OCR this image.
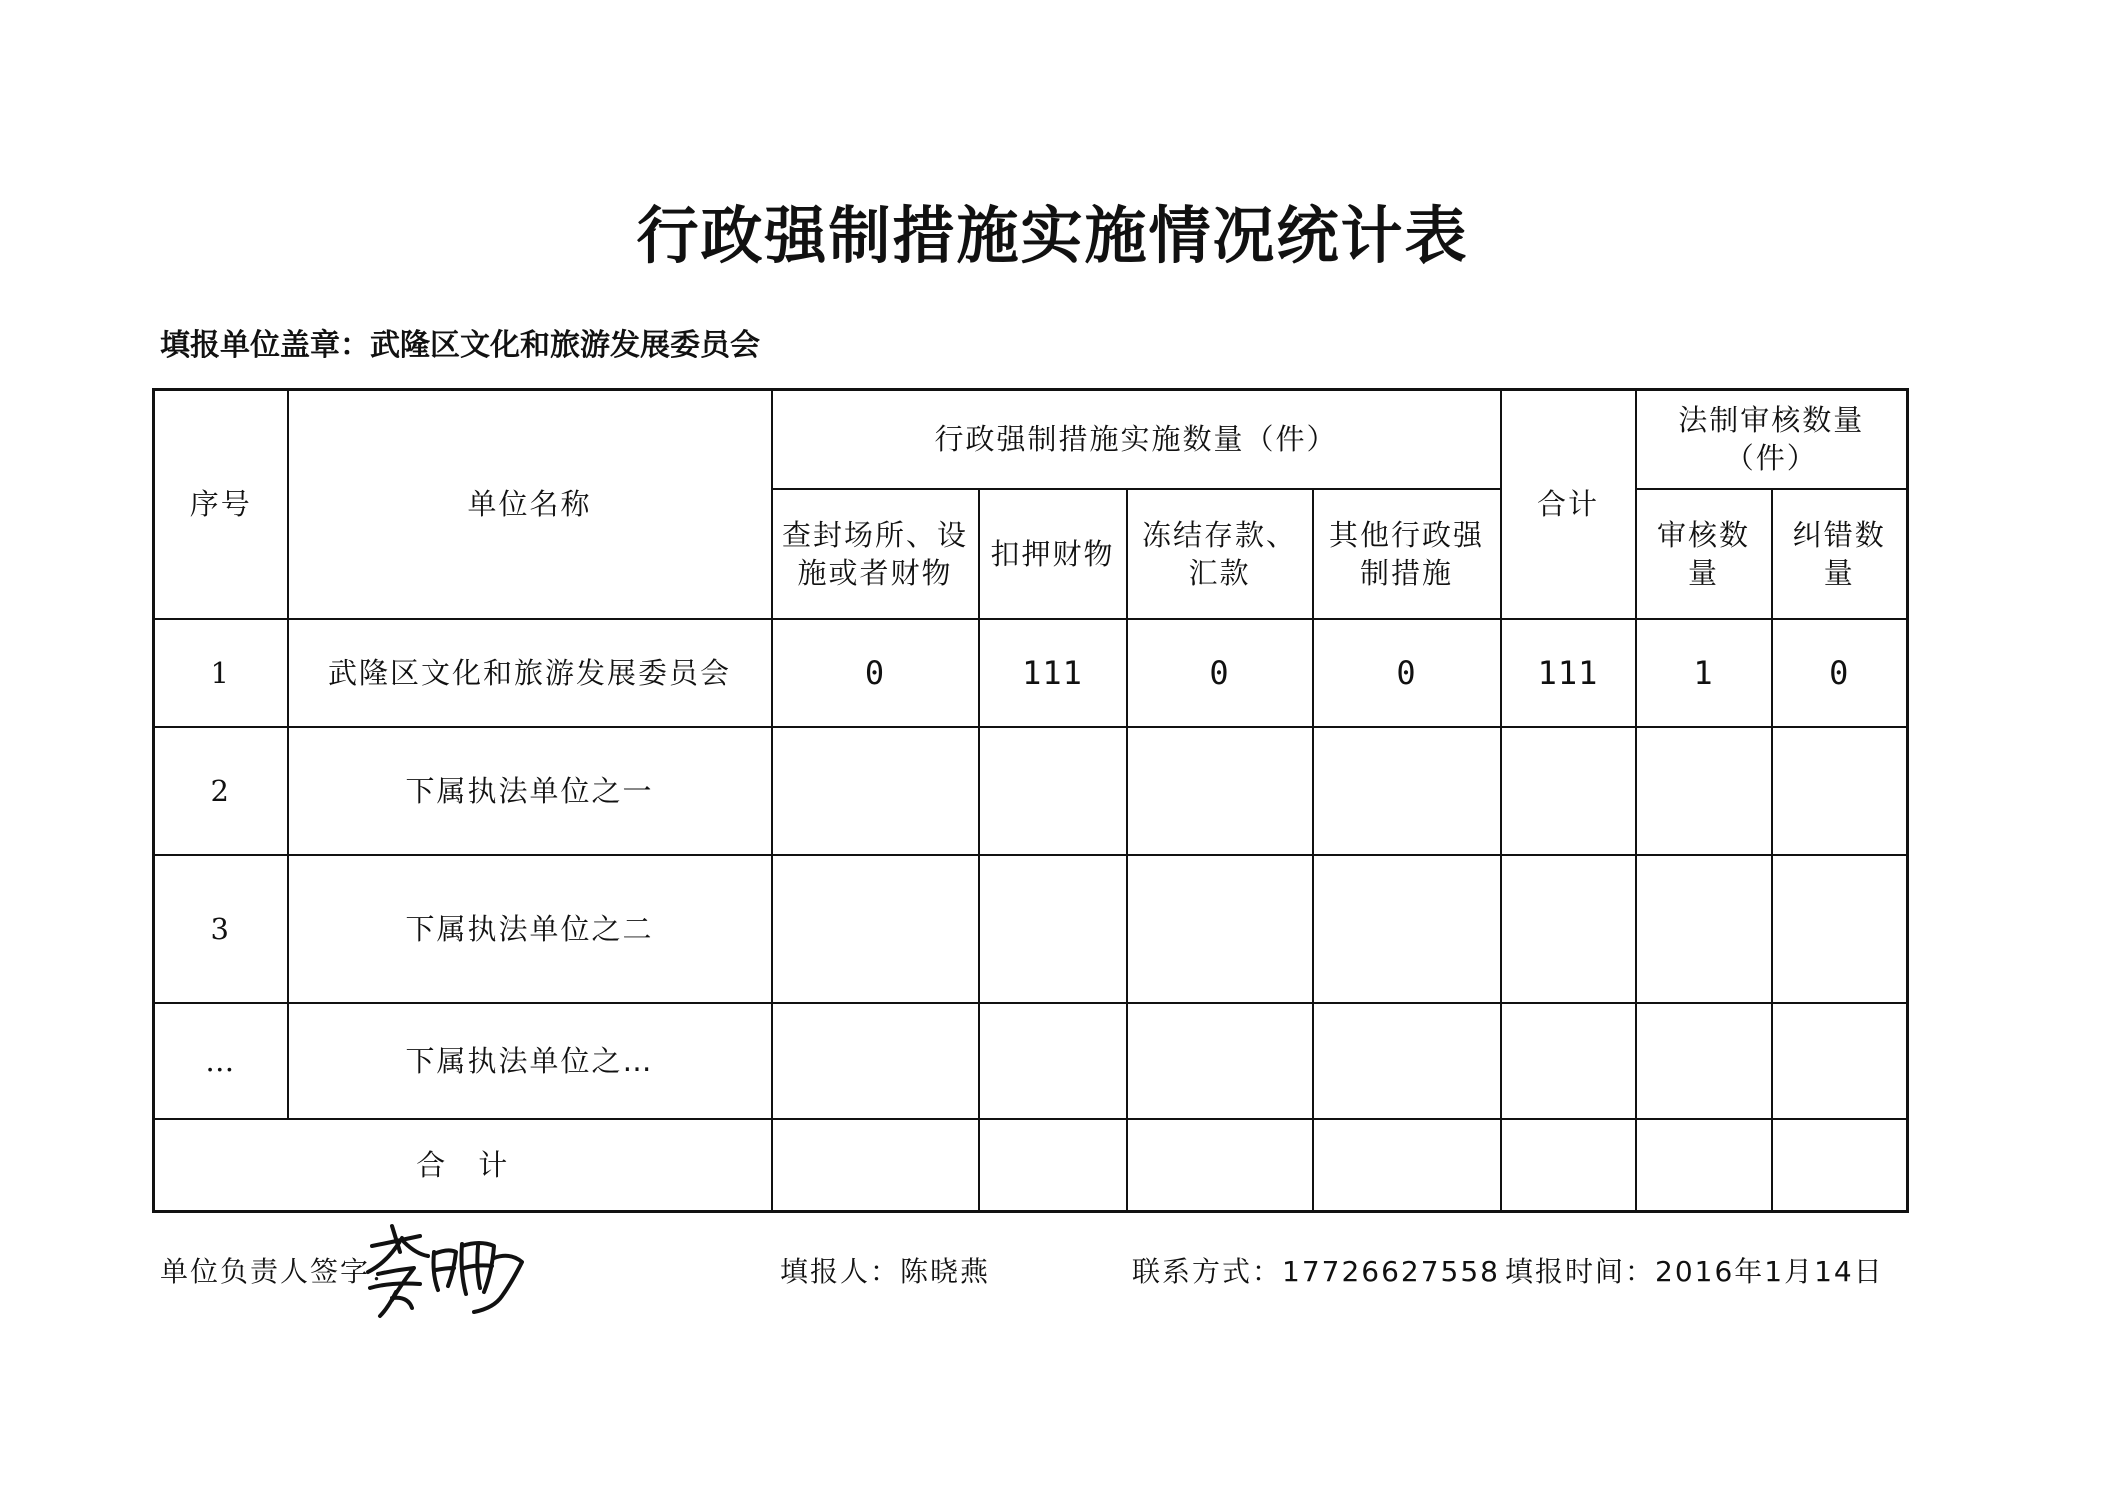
行政强制措施实施情况统计表
填报单位盖章：武隆区文化和旅游发展委员会
序号	单位名称	行政强制措施实施数量（件）				合计	法制审核数量（件）	
		查封场所、设施或者财物	扣押财物	冻结存款、汇款	其他行政强制措施		审核数量	纠错数量
1	武隆区文化和旅游发展委员会	0	111	0	0	111	1	0
2	下属执法单位之一							
3	下属执法单位之二							
…	下属执法单位之…							
合　计								
单位负责人签字：	填报人：陈晓燕	联系方式：17726627558 填报时间：2016年1月14日
